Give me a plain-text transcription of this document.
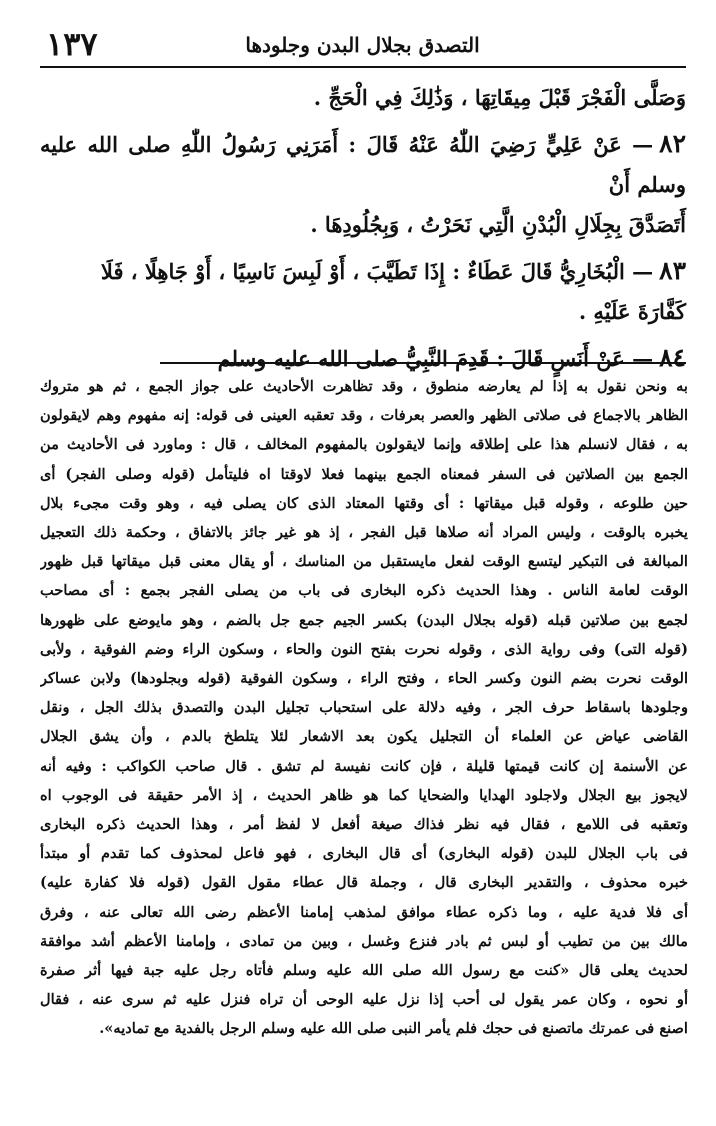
التصدق بجلال البدن وجلودها
١٣٧

وَصَلَّى الْفَجْرَ قَبْلَ مِيقَاتِهَا ، وَذَٰلِكَ فِي الْحَجِّ .

٨٢— عَنْ عَلِيٍّ رَضِيَ اللّٰهُ عَنْهُ قَالَ : أَمَرَنِي رَسُولُ اللّٰهِ صلى الله عليه وسلم أَنْ

أَتَصَدَّقَ بِجِلَالِ الْبُدْنِ الَّتِي نَحَرْتُ ، وَبِجُلُودِهَا .

٨٣— الْبُخَارِيُّ قَالَ عَطَاءٌ : إِذَا تَطَيَّبَ ، أَوْ لَبِسَ نَاسِيًا ، أَوْ جَاهِلًا ، فَلَا

كَفَّارَةَ عَلَيْهِ .

٨٤— عَنْ أَنَسٍ قَالَ : قَدِمَ النَّبِيُّ صلى الله عليه وسلم

به ونحن نقول به إذا لم يعارضه منطوق ، وقد تظاهرت الأحاديث على جواز الجمع ، ثم هو متروك
الظاهر بالاجماع فى صلاتى الظهر والعصر بعرفات ، وقد تعقبه العينى فى قوله: إنه مفهوم وهم لايقولون
به ، فقال لانسلم هذا على إطلاقه وإنما لايقولون بالمفهوم المخالف ، قال : وماورد فى الأحاديث من
الجمع بين الصلاتين فى السفر فمعناه الجمع بينهما فعلا لاوقتا اه فليتأمل (قوله وصلى الفجر) أى
حين طلوعه ، وقوله قبل ميقاتها : أى وقتها المعتاد الذى كان يصلى فيه ، وهو وقت مجىء بلال
يخبره بالوقت ، وليس المراد أنه صلاها قبل الفجر ، إذ هو غير جائز بالاتفاق ، وحكمة ذلك التعجيل
المبالغة فى التبكير ليتسع الوقت لفعل مايستقبل من المناسك ، أو يقال معنى قبل ميقاتها قبل ظهور
الوقت لعامة الناس . وهذا الحديث ذكره البخارى فى باب من يصلى الفجر بجمع : أى مصاحب
لجمع بين صلاتين قبله (قوله بجلال البدن) بكسر الجيم جمع جل بالضم ، وهو مايوضع على ظهورها
(قوله التى) وفى رواية الذى ، وقوله نحرت بفتح النون والحاء ، وسكون الراء وضم الفوقية ، ولأبى
الوقت نحرت بضم النون وكسر الحاء ، وفتح الراء ، وسكون الفوقية (قوله وبجلودها) ولابن عساكر
وجلودها باسقاط حرف الجر ، وفيه دلالة على استحباب تجليل البدن والتصدق بذلك الجل ، ونقل
القاضى عياض عن العلماء أن التجليل يكون بعد الاشعار لئلا يتلطخ بالدم ، وأن يشق الجلال
عن الأسنمة إن كانت قيمتها قليلة ، فإن كانت نفيسة لم تشق . قال صاحب الكواكب : وفيه أنه
لايجوز بيع الجلال ولاجلود الهدايا والضحايا كما هو ظاهر الحديث ، إذ الأمر حقيقة فى الوجوب اه
وتعقبه فى اللامع ، فقال فيه نظر فذاك صيغة أفعل لا لفظ أمر ، وهذا الحديث ذكره البخارى
فى باب الجلال للبدن (قوله البخارى) أى قال البخارى ، فهو فاعل لمحذوف كما تقدم أو مبتدأ
خبره محذوف ، والتقدير البخارى قال ، وجملة قال عطاء مقول القول (قوله فلا كفارة عليه)
أى فلا فدية عليه ، وما ذكره عطاء موافق لمذهب إمامنا الأعظم رضى الله تعالى عنه ، وفرق
مالك بين من تطيب أو لبس ثم بادر فنزع وغسل ، وبين من تمادى ، وإمامنا الأعظم أشد موافقة
لحديث يعلى قال «كنت مع رسول الله صلى الله عليه وسلم فأتاه رجل عليه جبة فيها أثر صفرة
أو نحوه ، وكان عمر يقول لى أحب إذا نزل عليه الوحى أن تراه فنزل عليه ثم سرى عنه ، فقال
اصنع فى عمرتك ماتصنع فى حجك فلم يأمر النبى صلى الله عليه وسلم الرجل بالفدية مع تماديه».
